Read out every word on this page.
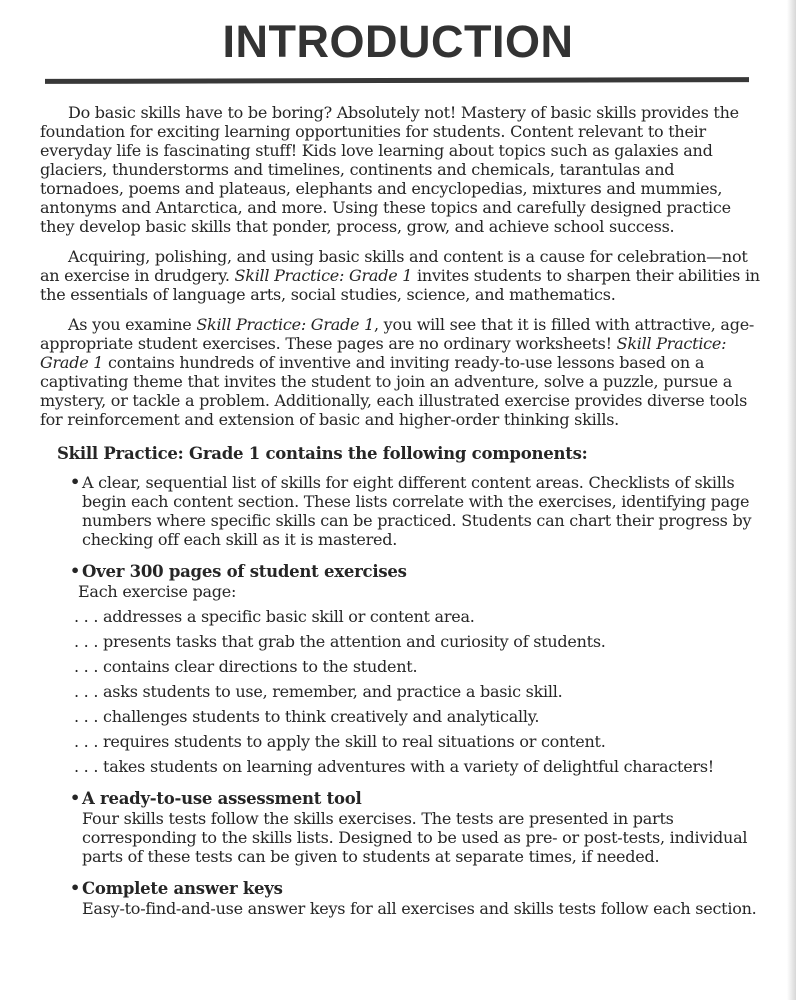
INTRODUCTION

Do basic skills have to be boring? Absolutely not! Mastery of basic skills provides the foundation for exciting learning opportunities for students. Content relevant to their everyday life is fascinating stuff! Kids love learning about topics such as galaxies and glaciers, thunderstorms and timelines, continents and chemicals, tarantulas and tornadoes, poems and plateaus, elephants and encyclopedias, mixtures and mummies, antonyms and Antarctica, and more. Using these topics and carefully designed practice they develop basic skills that ponder, process, grow, and achieve school success.

Acquiring, polishing, and using basic skills and content is a cause for celebration—not an exercise in drudgery. Skill Practice: Grade 1 invites students to sharpen their abilities in the essentials of language arts, social studies, science, and mathematics.

As you examine Skill Practice: Grade 1, you will see that it is filled with attractive, age-appropriate student exercises. These pages are no ordinary worksheets! Skill Practice: Grade 1 contains hundreds of inventive and inviting ready-to-use lessons based on a captivating theme that invites the student to join an adventure, solve a puzzle, pursue a mystery, or tackle a problem. Additionally, each illustrated exercise provides diverse tools for reinforcement and extension of basic and higher-order thinking skills.

Skill Practice: Grade 1 contains the following components:
• A clear, sequential list of skills for eight different content areas. Checklists of skills begin each content section. These lists correlate with the exercises, identifying page numbers where specific skills can be practiced. Students can chart their progress by checking off each skill as it is mastered.
• Over 300 pages of student exercises
Each exercise page:
. . . addresses a specific basic skill or content area.
. . . presents tasks that grab the attention and curiosity of students.
. . . contains clear directions to the student.
. . . asks students to use, remember, and practice a basic skill.
. . . challenges students to think creatively and analytically.
. . . requires students to apply the skill to real situations or content.
. . . takes students on learning adventures with a variety of delightful characters!
• A ready-to-use assessment tool
Four skills tests follow the skills exercises. The tests are presented in parts corresponding to the skills lists. Designed to be used as pre- or post-tests, individual parts of these tests can be given to students at separate times, if needed.
• Complete answer keys
Easy-to-find-and-use answer keys for all exercises and skills tests follow each section.
